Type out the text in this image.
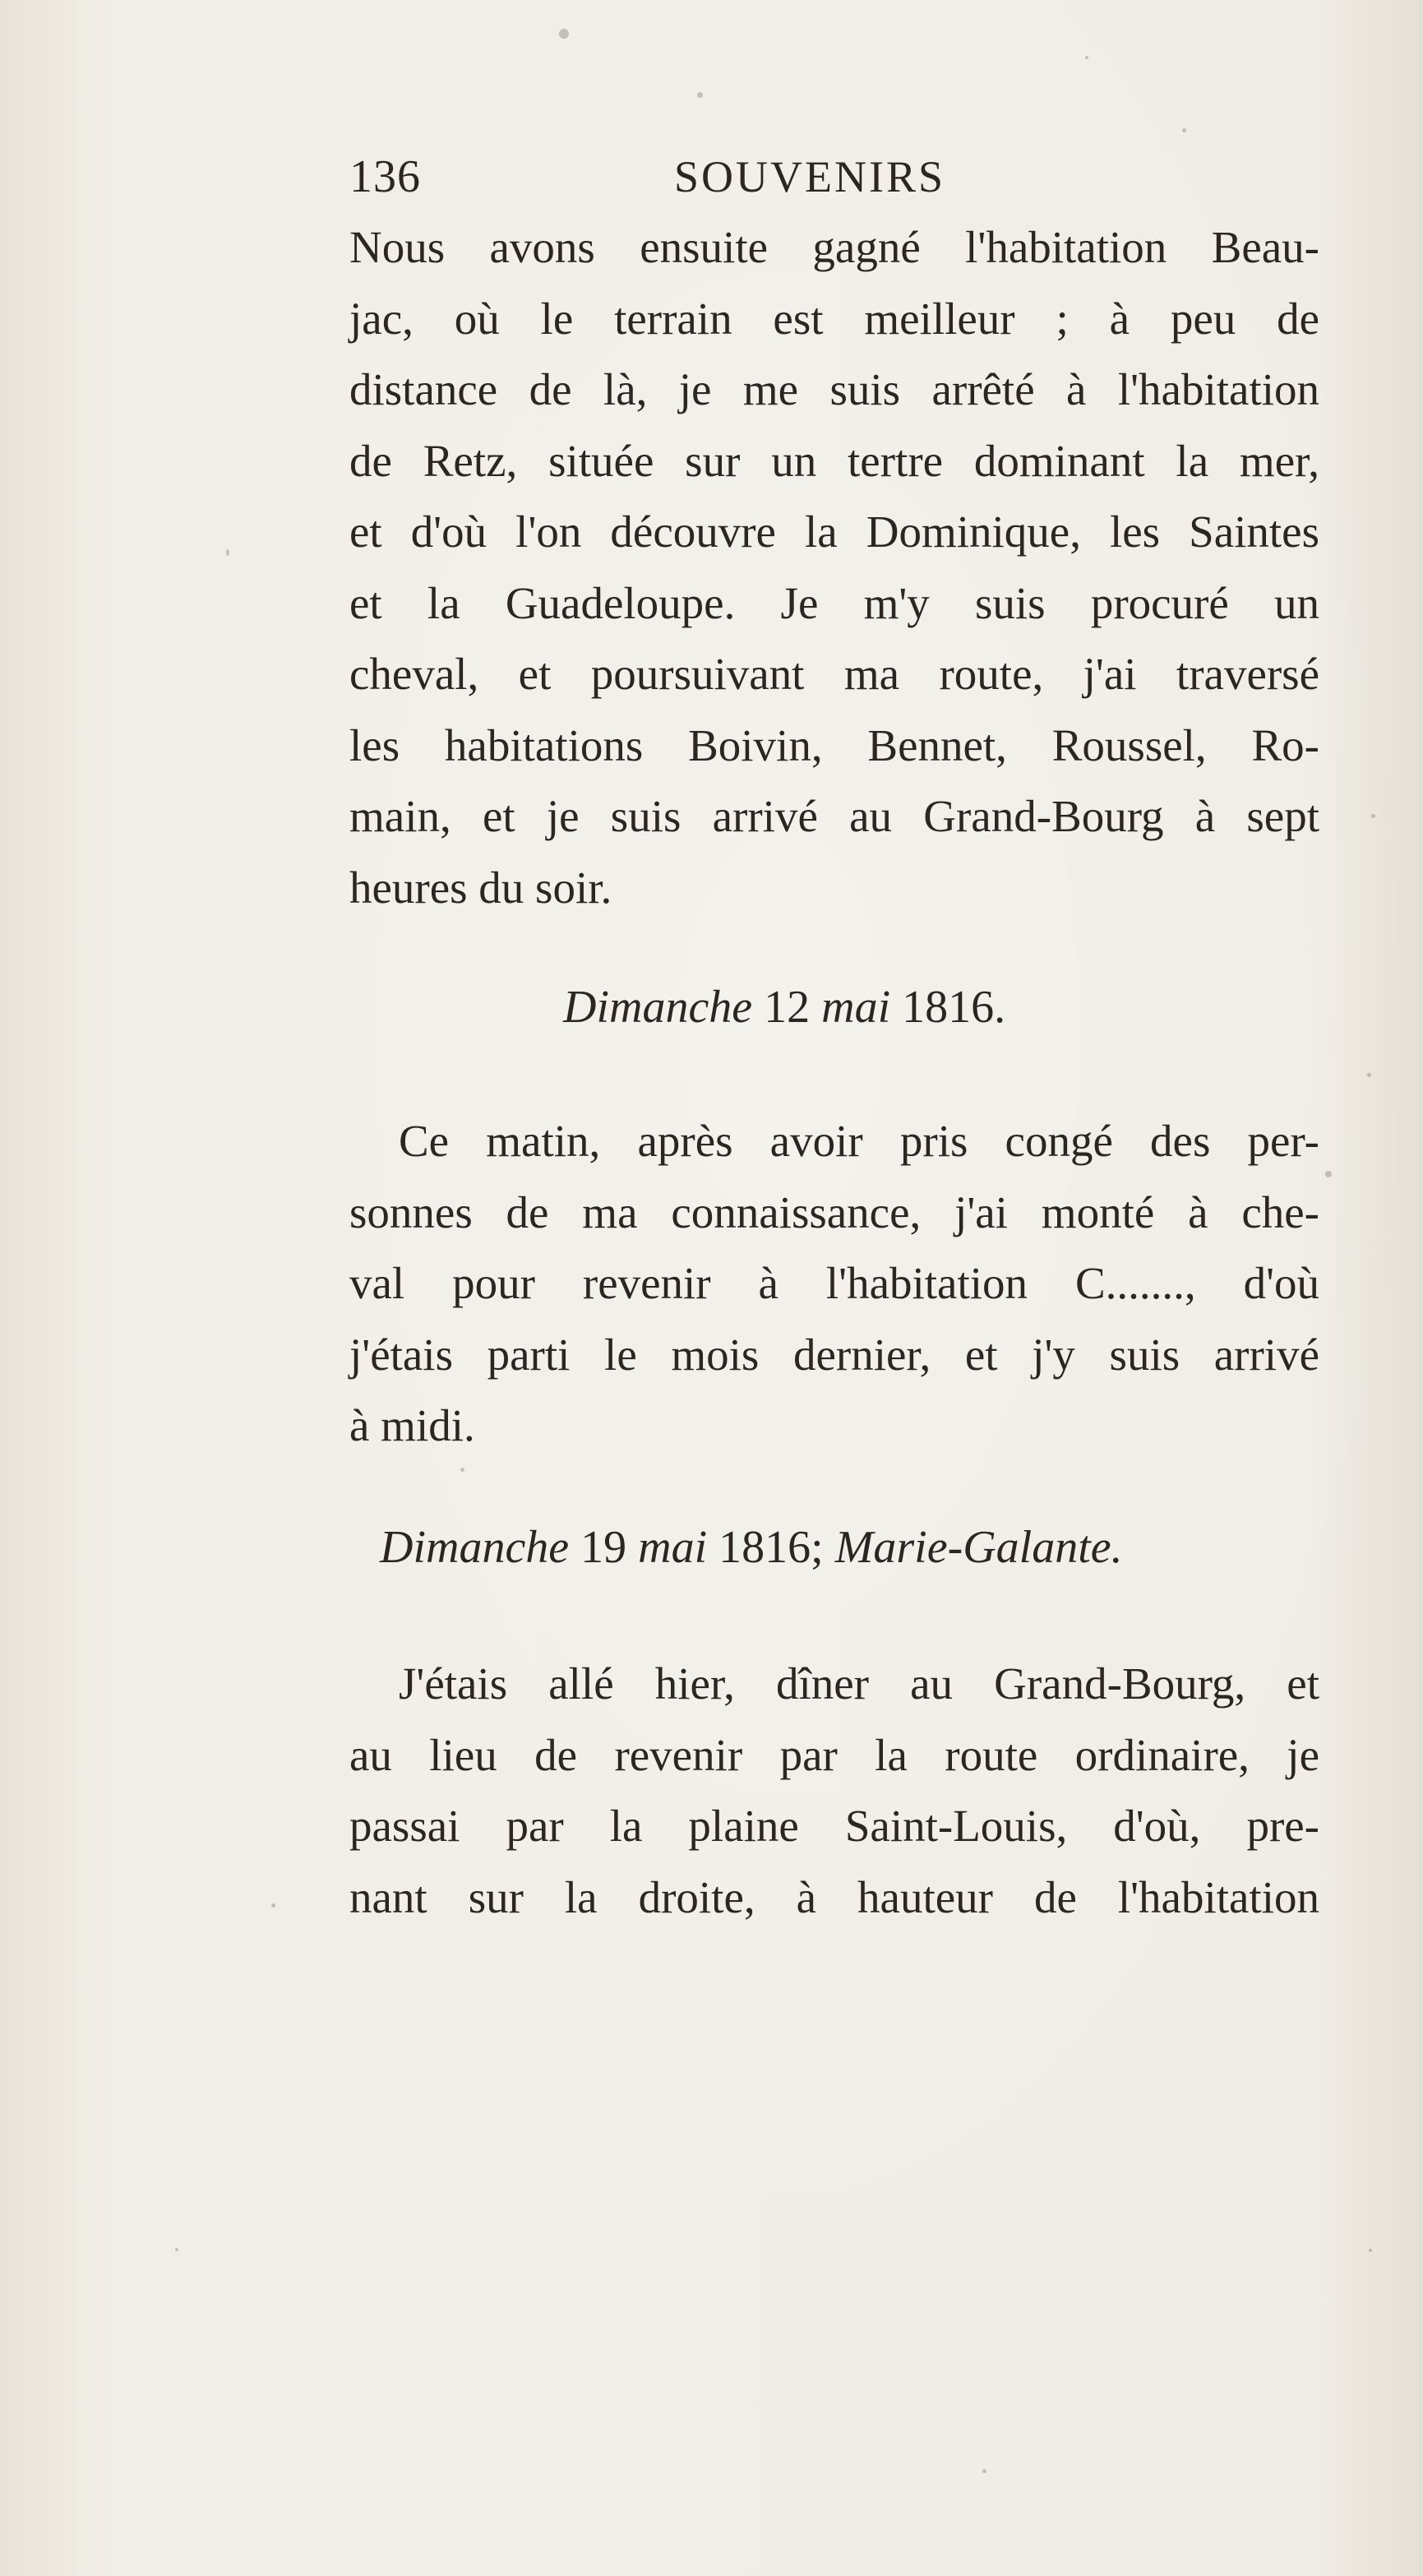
136	SOUVENIRS
Nous avons ensuite gagné l'habitation Beau-
jac, où le terrain est meilleur ; à peu de
distance de là, je me suis arrêté à l'habitation
de Retz, située sur un tertre dominant la mer,
et d'où l'on découvre la Dominique, les Saintes
et la Guadeloupe. Je m'y suis procuré un
cheval, et poursuivant ma route, j'ai traversé
les habitations Boivin, Bennet, Roussel, Ro-
main, et je suis arrivé au Grand-Bourg à sept
heures du soir.
Dimanche 12 mai 1816.
Ce matin, après avoir pris congé des per-
sonnes de ma connaissance, j'ai monté à che-
val pour revenir à l'habitation C......., d'où
j'étais parti le mois dernier, et j'y suis arrivé
à midi.
Dimanche 19 mai 1816; Marie-Galante.
J'étais allé hier, dîner au Grand-Bourg, et
au lieu de revenir par la route ordinaire, je
passai par la plaine Saint-Louis, d'où, pre-
nant sur la droite, à hauteur de l'habitation
